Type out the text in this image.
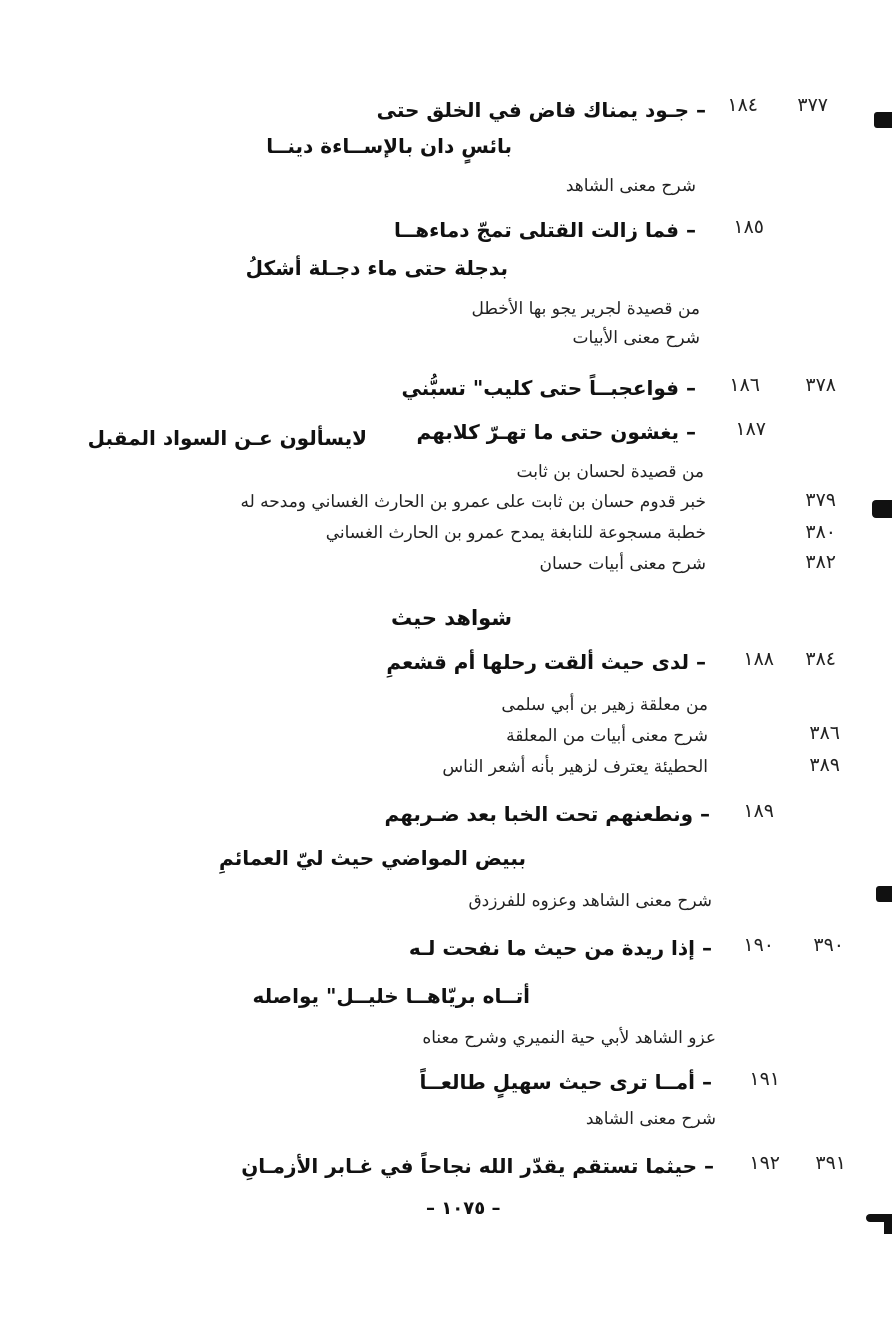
٣٧٧
١٨٤
– جـود يمناك فاض في الخلق حتى
بائسٍ دان بالإســاءة دينــا
شرح معنى الشاهد
١٨٥
– فما زالت القتلى تمجّ دماءهــا
بدجلة حتى ماء دجـلة أشكلُ
من قصيدة لجرير يجو بها الأخطل
شرح معنى الأبيات
٣٧٨
١٨٦
– فواعجبــاً حتى كليب" تسبُّني
١٨٧
– يغشون حتى ما تهـرّ كلابهم
لايسألون عـن السواد المقبل
من قصيدة لحسان بن ثابت
٣٧٩
خبر قدوم حسان بن ثابت على عمرو بن الحارث الغساني ومدحه له
٣٨٠
خطبة مسجوعة للنابغة يمدح عمرو بن الحارث الغساني
٣٨٢
شرح معنى أبيات حسان
شواهد حيث
٣٨٤
١٨٨
– لدى حيث ألقت رحلها أم قشعمِ
من معلقة زهير بن أبي سلمى
٣٨٦
شرح معنى أبيات من المعلقة
٣٨٩
الحطيئة يعترف لزهير بأنه أشعر الناس
١٨٩
– ونطعنهم تحت الخبا بعد ضـربهم
ببيض المواضي حيث ليّ العمائمِ
شرح معنى الشاهد وعزوه للفرزدق
٣٩٠
١٩٠
– إذا ريدة من حيث ما نفحت لـه
أتــاه بريّاهــا خليــل" يواصله
عزو الشاهد لأبي حية النميري وشرح معناه
١٩١
– أمــا ترى حيث سهيلٍ طالعــاً
شرح معنى الشاهد
٣٩١
١٩٢
– حيثما تستقم يقدّر الله نجاحاً في غـابر الأزمـانِ
– ١٠٧٥ –
